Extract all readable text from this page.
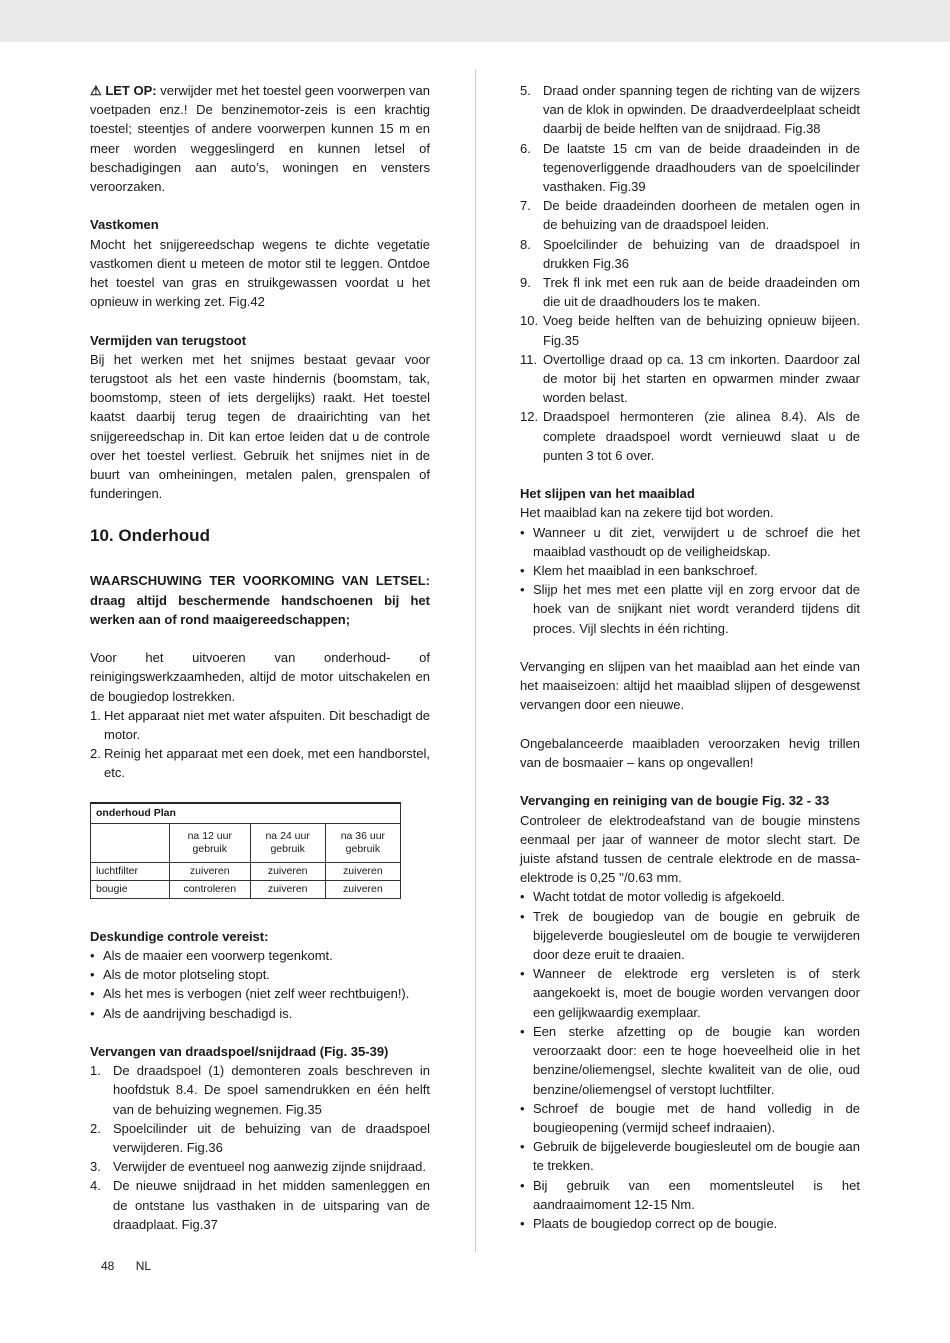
⚠ LET OP: verwijder met het toestel geen voorwerpen van voetpaden enz.! De benzinemotor-zeis is een krachtig toestel; steentjes of andere voorwerpen kunnen 15 m en meer worden weggeslingerd en kunnen letsel of beschadigingen aan auto’s, woningen en vensters veroorzaken.

Vastkomen

Mocht het snijgereedschap wegens te dichte vegetatie vastkomen dient u meteen de motor stil te leggen. Ontdoe het toestel van gras en struikgewassen voordat u het opnieuw in werking zet. Fig.42

Vermijden van terugstoot

Bij het werken met het snijmes bestaat gevaar voor terugstoot als het een vaste hindernis (boomstam, tak, boomstomp, steen of iets dergelijks) raakt. Het toestel kaatst daarbij terug tegen de draairichting van het snijgereedschap in. Dit kan ertoe leiden dat u de controle over het toestel verliest. Gebruik het snijmes niet in de buurt van omheiningen, metalen palen, grenspalen of funderingen.

10. Onderhoud

WAARSCHUWING TER VOORKOMING VAN LETSEL: draag altijd beschermende handschoenen bij het werken aan of rond maaigereedschappen;

Voor het uitvoeren van onderhoud- of reinigingswerkzaamheden, altijd de motor uitschakelen en de bougiedop lostrekken.

1. Het apparaat niet met water afspuiten. Dit beschadigt de motor.
2. Reinig het apparaat met een doek, met een handborstel, etc.
onderhoud Plan			
	na 12 uur gebruik	na 24 uur gebruik	na 36 uur gebruik
luchtfilter	zuiveren	zuiveren	zuiveren
bougie	controleren	zuiveren	zuiveren
Deskundige controle vereist:
• Als de maaier een voorwerp tegenkomt.
• Als de motor plotseling stopt.
• Als het mes is verbogen (niet zelf weer rechtbuigen!).
• Als de aandrijving beschadigd is.
Vervangen van draadspoel/snijdraad (Fig. 35-39)
1. De draadspoel (1) demonteren zoals beschreven in hoofdstuk 8.4. De spoel samendrukken en één helft van de behuizing wegnemen. Fig.35
2. Spoelcilinder uit de behuizing van de draadspoel verwijderen. Fig.36
3. Verwijder de eventueel nog aanwezig zijnde snijdraad.
4. De nieuwe snijdraad in het midden samenleggen en de ontstane lus vasthaken in de uitsparing van de draadplaat. Fig.37
5. Draad onder spanning tegen de richting van de wijzers van de klok in opwinden. De draadverdeelplaat scheidt daarbij de beide helften van de snijdraad. Fig.38
6. De laatste 15 cm van de beide draadeinden in de tegenoverliggende draadhouders van de spoelcilinder vasthaken. Fig.39
7. De beide draadeinden doorheen de metalen ogen in de behuizing van de draadspoel leiden.
8. Spoelcilinder de behuizing van de draadspoel in drukken Fig.36
9. Trek fl ink met een ruk aan de beide draadeinden om die uit de draadhouders los te maken.
10. Voeg beide helften van de behuizing opnieuw bijeen. Fig.35
11. Overtollige draad op ca. 13 cm inkorten. Daardoor zal de motor bij het starten en opwarmen minder zwaar worden belast.
12. Draadspoel hermonteren (zie alinea 8.4). Als de complete draadspoel wordt vernieuwd slaat u de punten 3 tot 6 over.
Het slijpen van het maaiblad

Het maaiblad kan na zekere tijd bot worden.

• Wanneer u dit ziet, verwijdert u de schroef die het maaiblad vasthoudt op de veiligheidskap.
• Klem het maaiblad in een bankschroef.
• Slijp het mes met een platte vijl en zorg ervoor dat de hoek van de snijkant niet wordt veranderd tijdens dit proces. Vijl slechts in één richting.

Vervanging en slijpen van het maaiblad aan het einde van het maaiseizoen: altijd het maaiblad slijpen of desgewenst vervangen door een nieuwe.

Ongebalanceerde maaibladen veroorzaken hevig trillen van de bosmaaier – kans op ongevallen!

Vervanging en reiniging van de bougie Fig. 32 - 33

Controleer de elektrodeafstand van de bougie minstens eenmaal per jaar of wanneer de motor slecht start. De juiste afstand tussen de centrale elektrode en de massa-elektrode is 0,25 ''/0.63 mm.

• Wacht totdat de motor volledig is afgekoeld.
• Trek de bougiedop van de bougie en gebruik de bijgeleverde bougiesleutel om de bougie te verwijderen door deze eruit te draaien.
• Wanneer de elektrode erg versleten is of sterk aangekoekt is, moet de bougie worden vervangen door een gelijkwaardig exemplaar.
• Een sterke afzetting op de bougie kan worden veroorzaakt door: een te hoge hoeveelheid olie in het benzine/oliemengsel, slechte kwaliteit van de olie, oud benzine/oliemengsel of verstopt luchtfilter.
• Schroef de bougie met de hand volledig in de bougieopening (vermijd scheef indraaien).
• Gebruik de bijgeleverde bougiesleutel om de bougie aan te trekken.
• Bij gebruik van een momentsleutel is het aandraaimoment 12-15 Nm.
• Plaats de bougiedop correct op de bougie.
48 NL
